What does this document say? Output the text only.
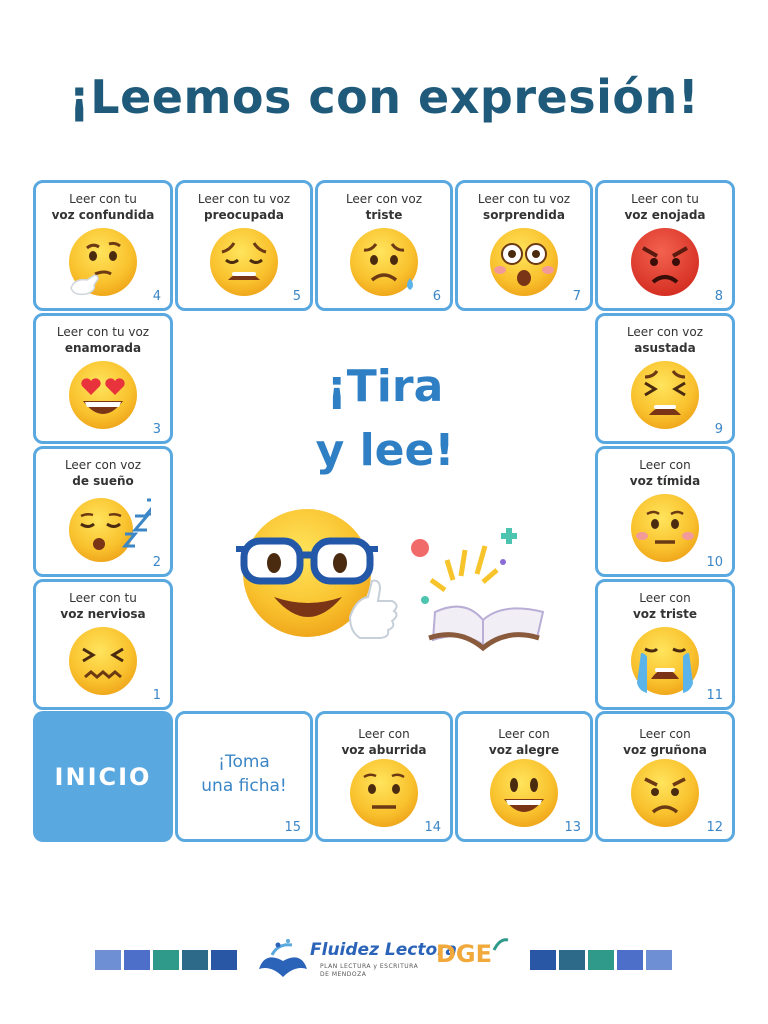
¡Leemos con expresión!
Leer con tu
voz confundida
4
Leer con tu voz
preocupada
5
Leer con voz
triste
6
Leer con tu voz
sorprendida
7
Leer con tu
voz enojada
8
Leer con tu voz
enamorada
3
Leer con voz
de sueño
2
Leer con tu
voz nerviosa
1
Leer con voz
asustada
9
Leer con
voz tímida
10
Leer con
voz triste
11
INICIO
¡Toma
una ficha!
15
Leer con
voz aburrida
14
Leer con
voz alegre
13
Leer con
voz gruñona
12
¡Tira
y lee!
Fluidez Lectora
PLAN LECTURA y ESCRITURA
DE MENDOZA
DGE
